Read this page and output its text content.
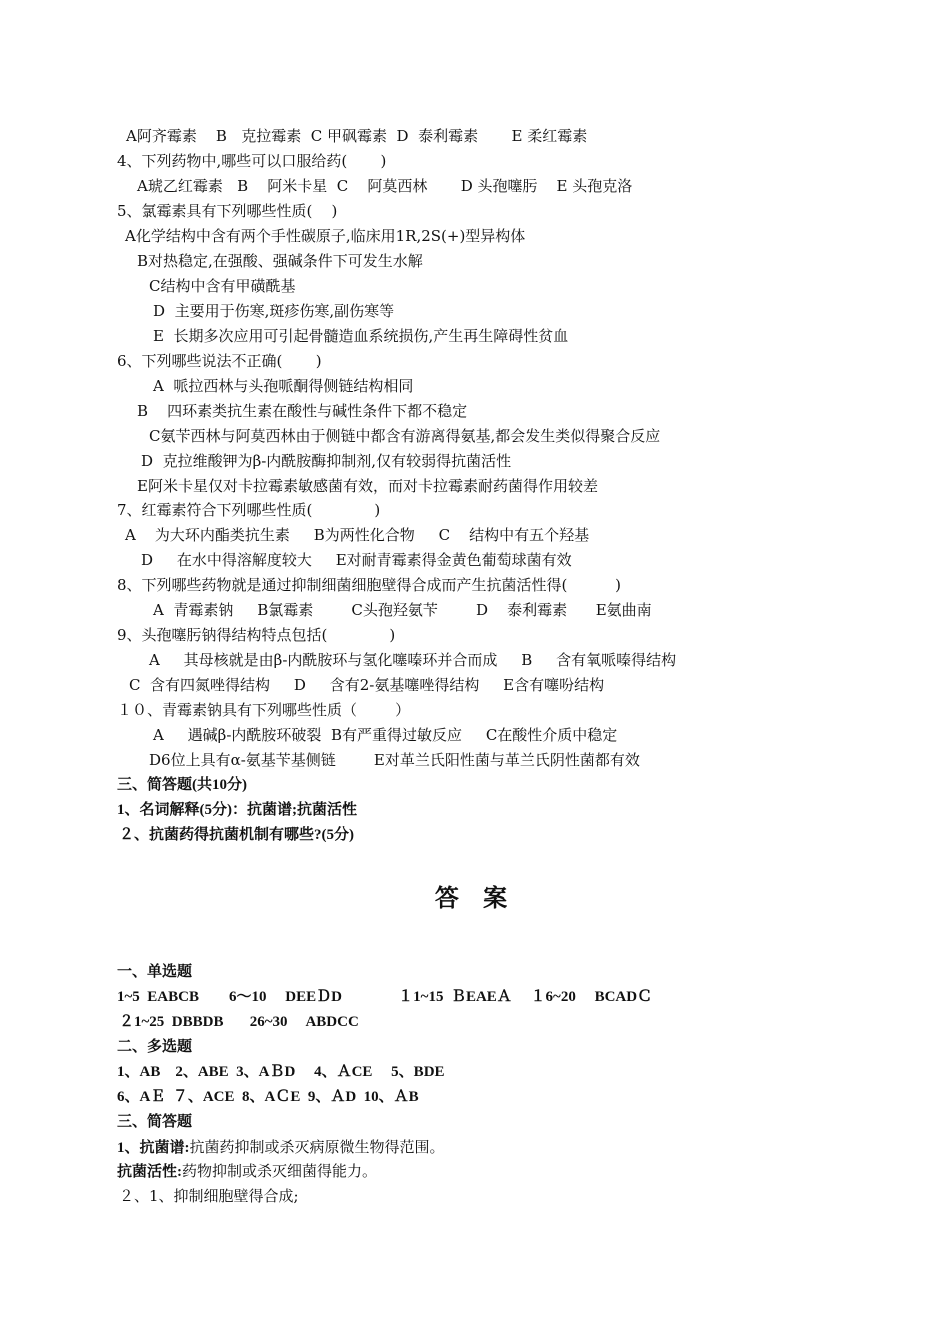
A阿齐霉素    B   克拉霉素  C 甲砜霉素  D  泰利霉素       E 柔红霉素
4、下列药物中,哪些可以口服给药(       )
A琥乙红霉素   B    阿米卡星  C    阿莫西林       D 头孢噻肟    E 头孢克洛
5、氯霉素具有下列哪些性质(    )
A化学结构中含有两个手性碳原子,临床用1R,2S(+)型异构体
B对热稳定,在强酸、强碱条件下可发生水解
C结构中含有甲磺酰基
D  主要用于伤寒,斑疹伤寒,副伤寒等
E  长期多次应用可引起骨髓造血系统损伤,产生再生障碍性贫血
6、下列哪些说法不正确(       )
A  哌拉西林与头孢哌酮得侧链结构相同
B    四环素类抗生素在酸性与碱性条件下都不稳定
C氨苄西林与阿莫西林由于侧链中都含有游离得氨基,都会发生类似得聚合反应
D  克拉维酸钾为β-内酰胺酶抑制剂,仅有较弱得抗菌活性
E阿米卡星仅对卡拉霉素敏感菌有效，而对卡拉霉素耐药菌得作用较差
7、红霉素符合下列哪些性质(             )
A    为大环内酯类抗生素     B为两性化合物     C    结构中有五个羟基
D     在水中得溶解度较大     E对耐青霉素得金黄色葡萄球菌有效
8、下列哪些药物就是通过抑制细菌细胞壁得合成而产生抗菌活性得(          )
A  青霉素钠     B氯霉素        C头孢羟氨苄        D    泰利霉素      E氨曲南
9、头孢噻肟钠得结构特点包括(             )
A     其母核就是由β-内酰胺环与氢化噻嗪环并合而成     B     含有氧哌嗪得结构
C  含有四氮唑得结构     D     含有2-氨基噻唑得结构     E含有噻吩结构
１０、青霉素钠具有下列哪些性质（        ）
A     遇碱β-内酰胺环破裂  B有严重得过敏反应     C在酸性介质中稳定
D6位上具有α-氨基苄基侧链        E对革兰氏阳性菌与革兰氏阴性菌都有效
三、简答题(共10分)
1、名词解释(5分)：抗菌谱;抗菌活性
２、抗菌药得抗菌机制有哪些?(5分)
答 案
一、单选题
1~5  EABCB        6～10     DEEＤD               １1~15  ＢEAEＡ     １6~20     BCADＣ
２1~25  DBBDB       26~30     ABDCC
二、多选题
1、AB    2、ABE  3、AＢD     4、ＡCE     5、BDE
6、AＥ  ７、ACE  8、AＣE  9、ＡD  10、ＡB
三、简答题
1、抗菌谱:抗菌药抑制或杀灭病原微生物得范围。
抗菌活性:药物抑制或杀灭细菌得能力。
２、1、抑制细胞壁得合成;
